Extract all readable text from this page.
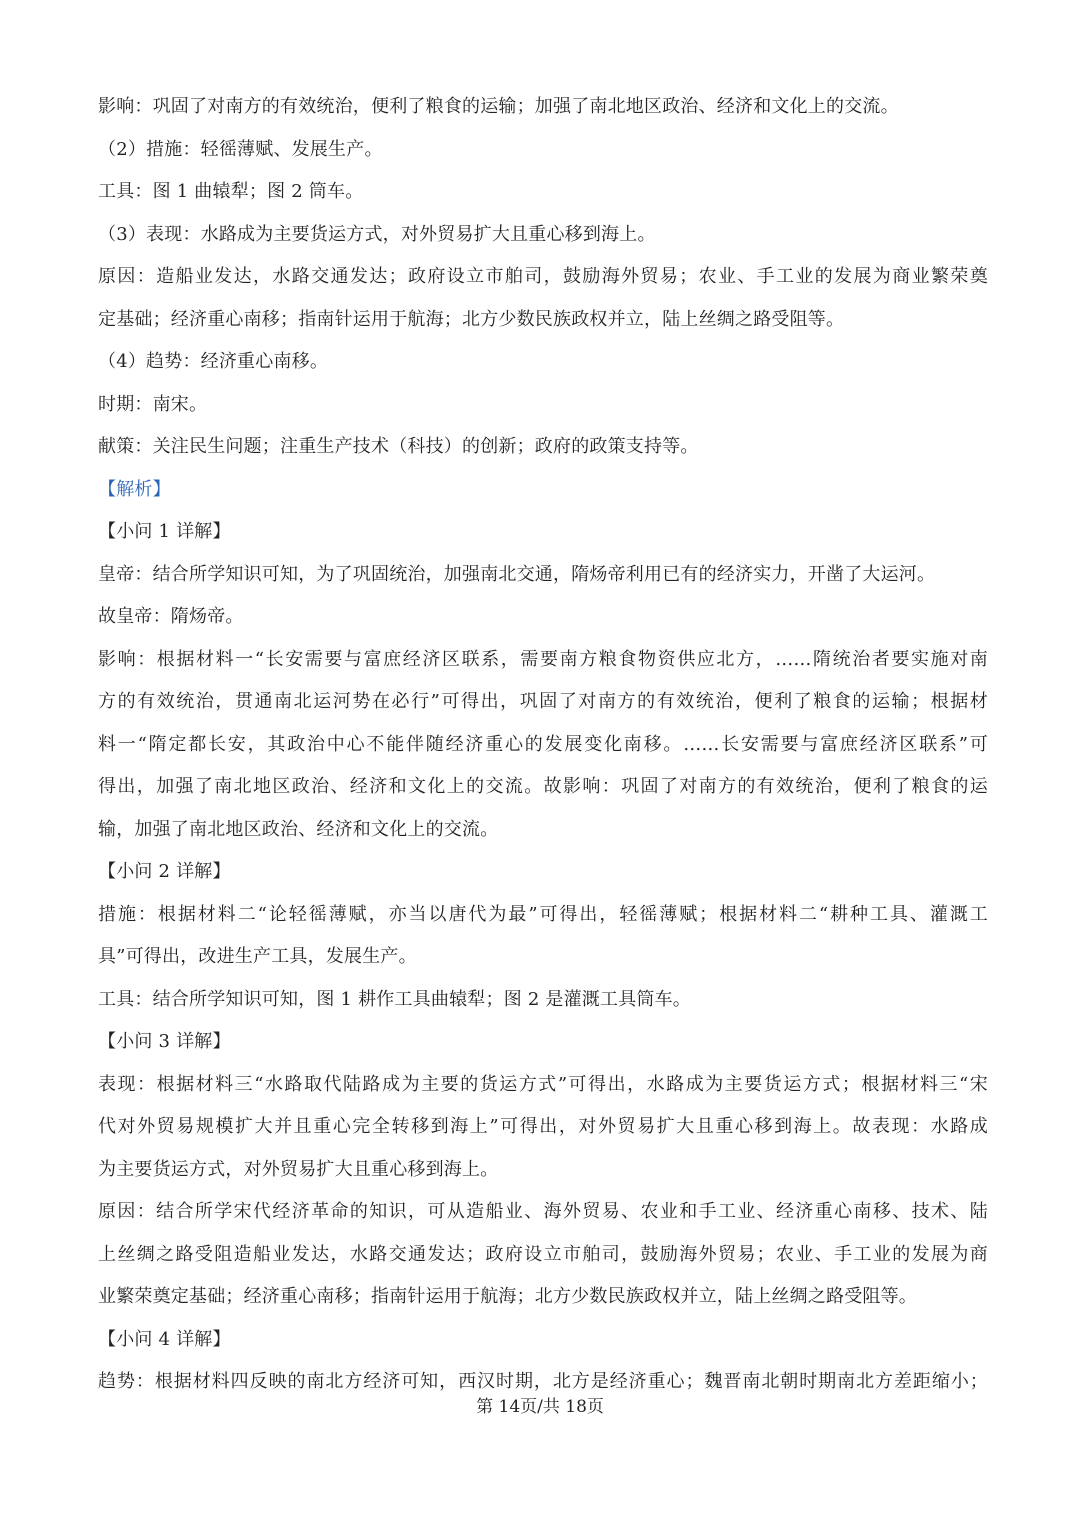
影响：巩固了对南方的有效统治，便利了粮食的运输；加强了南北地区政治、经济和文化上的交流。
（2）措施：轻徭薄赋、发展生产。
工具：图 1 曲辕犁；图 2 筒车。
（3）表现：水路成为主要货运方式，对外贸易扩大且重心移到海上。
原因：造船业发达，水路交通发达；政府设立市舶司，鼓励海外贸易；农业、手工业的发展为商业繁荣奠
定基础；经济重心南移；指南针运用于航海；北方少数民族政权并立，陆上丝绸之路受阻等。
（4）趋势：经济重心南移。
时期：南宋。
献策：关注民生问题；注重生产技术（科技）的创新；政府的政策支持等。
【解析】
【小问 1 详解】
皇帝：结合所学知识可知，为了巩固统治，加强南北交通，隋炀帝利用已有的经济实力，开凿了大运河。
故皇帝：隋炀帝。
影响：根据材料一“长安需要与富庶经济区联系，需要南方粮食物资供应北方，……隋统治者要实施对南
方的有效统治，贯通南北运河势在必行”可得出，巩固了对南方的有效统治，便利了粮食的运输；根据材
料一“隋定都长安，其政治中心不能伴随经济重心的发展变化南移。……长安需要与富庶经济区联系”可
得出，加强了南北地区政治、经济和文化上的交流。故影响：巩固了对南方的有效统治，便利了粮食的运
输，加强了南北地区政治、经济和文化上的交流。
【小问 2 详解】
措施：根据材料二“论轻徭薄赋，亦当以唐代为最”可得出，轻徭薄赋；根据材料二“耕种工具、灌溉工
具”可得出，改进生产工具，发展生产。
工具：结合所学知识可知，图 1 耕作工具曲辕犁；图 2 是灌溉工具筒车。
【小问 3 详解】
表现：根据材料三“水路取代陆路成为主要的货运方式”可得出，水路成为主要货运方式；根据材料三“宋
代对外贸易规模扩大并且重心完全转移到海上”可得出，对外贸易扩大且重心移到海上。故表现：水路成
为主要货运方式，对外贸易扩大且重心移到海上。
原因：结合所学宋代经济革命的知识，可从造船业、海外贸易、农业和手工业、经济重心南移、技术、陆
上丝绸之路受阻造船业发达，水路交通发达；政府设立市舶司，鼓励海外贸易；农业、手工业的发展为商
业繁荣奠定基础；经济重心南移；指南针运用于航海；北方少数民族政权并立，陆上丝绸之路受阻等。
【小问 4 详解】
趋势：根据材料四反映的南北方经济可知，西汉时期，北方是经济重心；魏晋南北朝时期南北方差距缩小；
第 14页/共 18页
